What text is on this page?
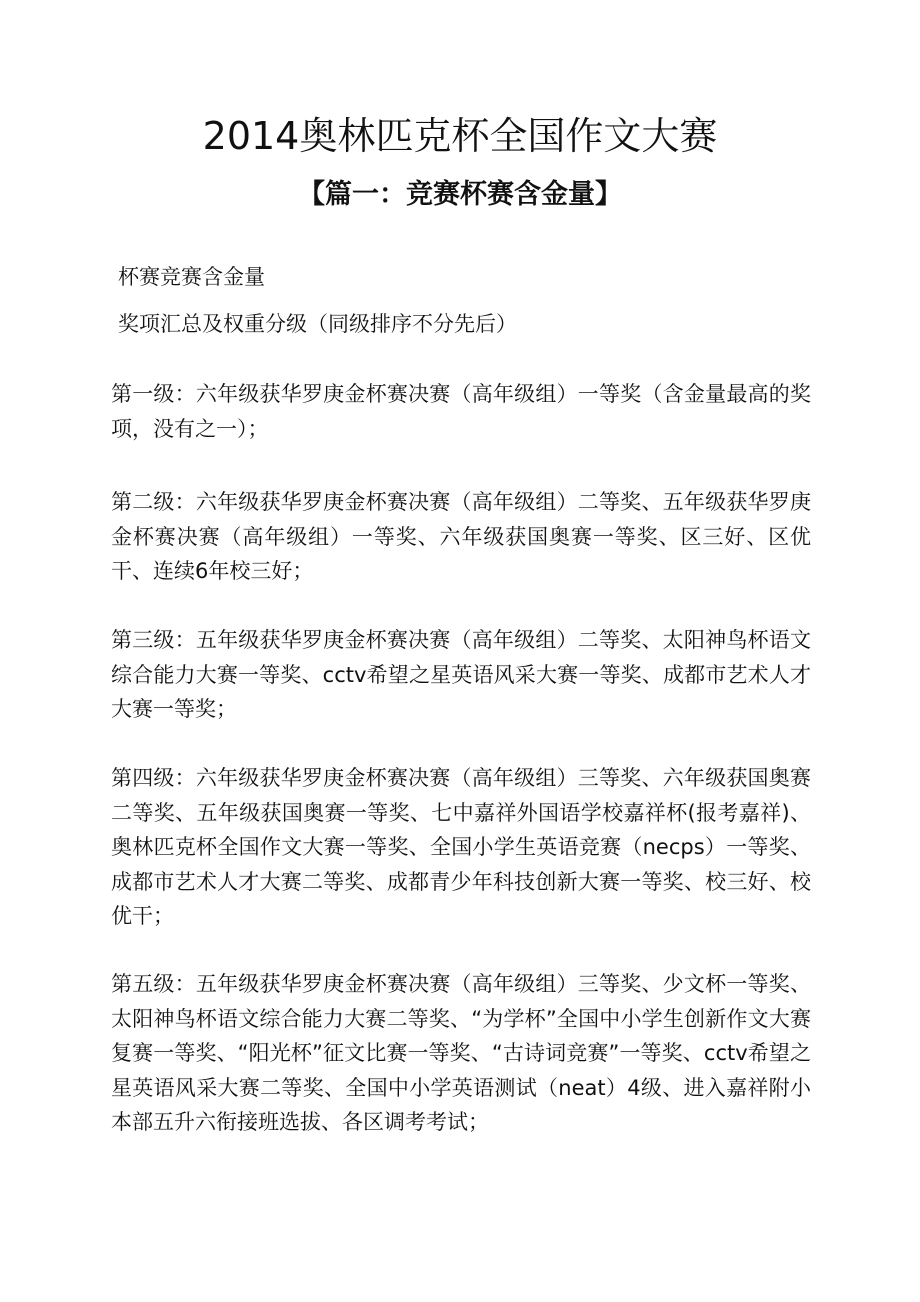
2014奥林匹克杯全国作文大赛
【篇一：竞赛杯赛含金量】

杯赛竞赛含金量

奖项汇总及权重分级（同级排序不分先后）

第一级：六年级获华罗庚金杯赛决赛（高年级组）一等奖（含金量最高的奖项，没有之一）；

第二级：六年级获华罗庚金杯赛决赛（高年级组）二等奖、五年级获华罗庚金杯赛决赛（高年级组）一等奖、六年级获国奥赛一等奖、区三好、区优干、连续6年校三好；

第三级：五年级获华罗庚金杯赛决赛（高年级组）二等奖、太阳神鸟杯语文综合能力大赛一等奖、cctv希望之星英语风采大赛一等奖、成都市艺术人才大赛一等奖；

第四级：六年级获华罗庚金杯赛决赛（高年级组）三等奖、六年级获国奥赛二等奖、五年级获国奥赛一等奖、七中嘉祥外国语学校嘉祥杯(报考嘉祥)、奥林匹克杯全国作文大赛一等奖、全国小学生英语竞赛（necps）一等奖、成都市艺术人才大赛二等奖、成都青少年科技创新大赛一等奖、校三好、校优干；

第五级：五年级获华罗庚金杯赛决赛（高年级组）三等奖、少文杯一等奖、太阳神鸟杯语文综合能力大赛二等奖、“为学杯”全国中小学生创新作文大赛复赛一等奖、“阳光杯”征文比赛一等奖、“古诗词竞赛”一等奖、cctv希望之星英语风采大赛二等奖、全国中小学英语测试（neat）4级、进入嘉祥附小本部五升六衔接班选拔、各区调考考试；
